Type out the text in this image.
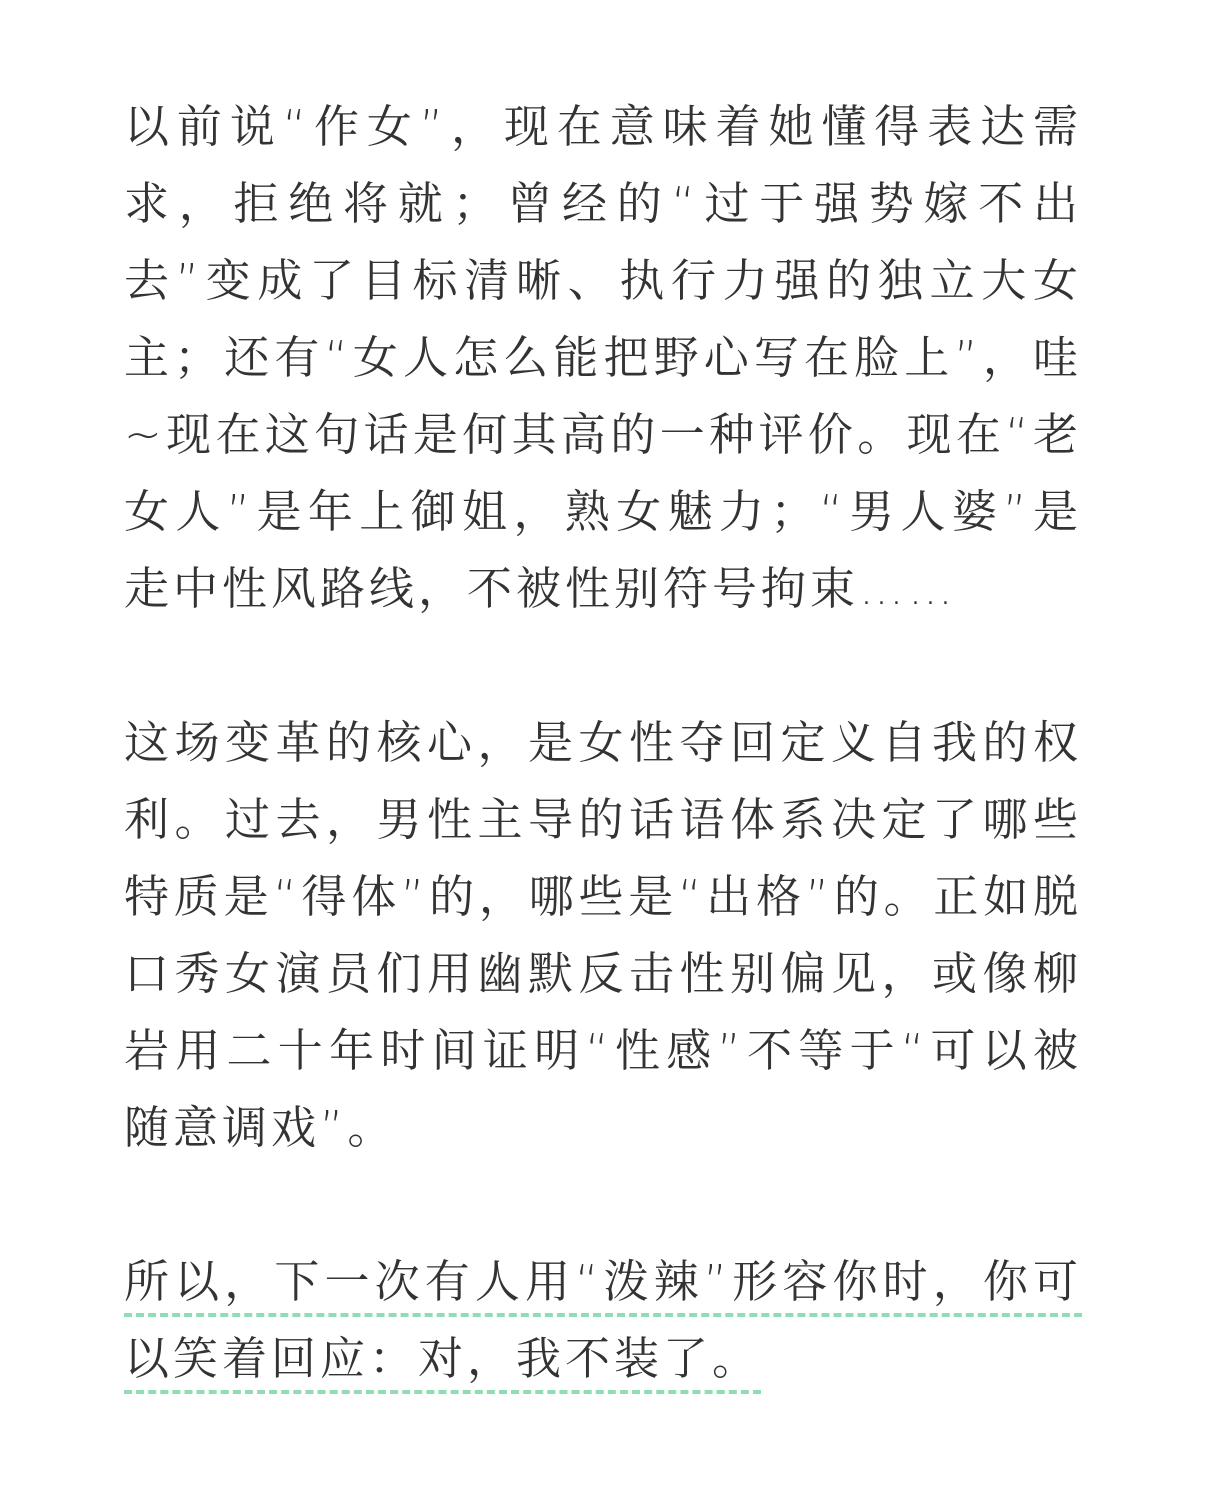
以前说“作女”，现在意味着她懂得表达需求，拒绝将就；曾经的“过于强势嫁不出去”变成了目标清晰、执行力强的独立大女主；还有“女人怎么能把野心写在脸上”，哇~现在这句话是何其高的一种评价。现在“老女人”是年上御姐，熟女魅力；“男人婆”是走中性风路线，不被性别符号拘束……

这场变革的核心，是女性夺回定义自我的权利。过去，男性主导的话语体系决定了哪些特质是“得体”的，哪些是“出格”的。正如脱口秀女演员们用幽默反击性别偏见，或像柳岩用二十年时间证明“性感”不等于“可以被随意调戏”。

所以，下一次有人用“泼辣”形容你时，你可以笑着回应：对，我不装了。
